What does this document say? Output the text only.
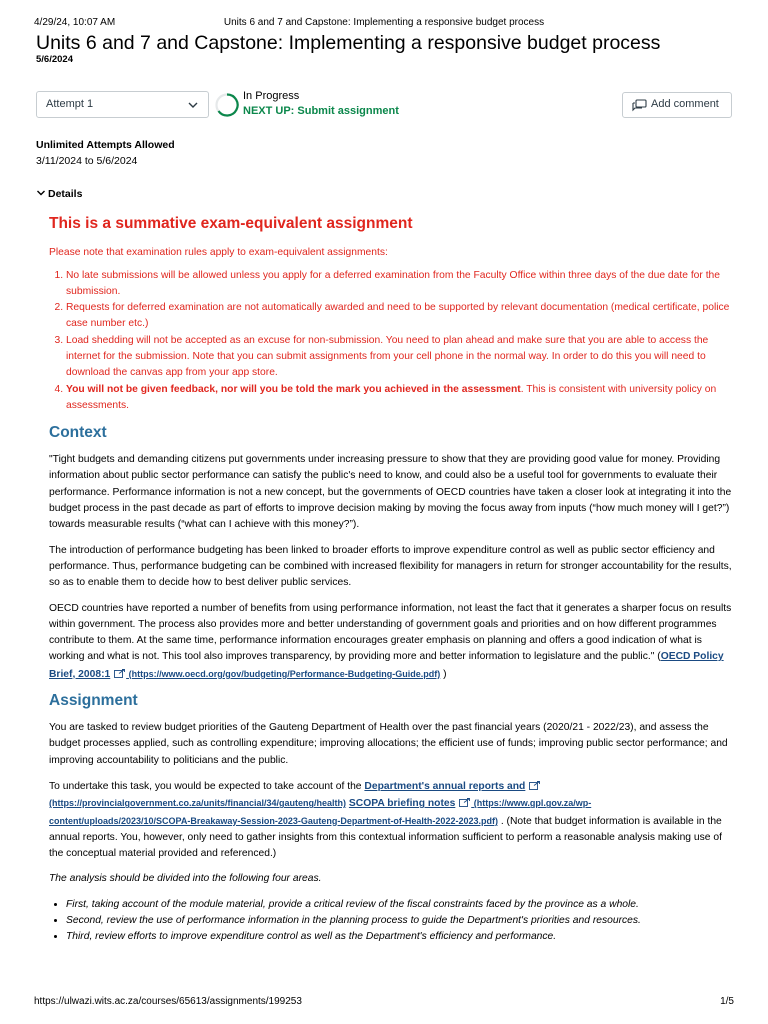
4/29/24, 10:07 AM	Units 6 and 7 and Capstone: Implementing a responsive budget process
Units 6 and 7 and Capstone: Implementing a responsive budget process
5/6/2024
Attempt 1
In Progress
NEXT UP: Submit assignment
Add comment
Unlimited Attempts Allowed
3/11/2024 to 5/6/2024
Details
This is a summative exam-equivalent assignment

Please note that examination rules apply to exam-equivalent assignments:

1. No late submissions will be allowed unless you apply for a deferred examination from the Faculty Office within three days of the due date for the submission.
2. Requests for deferred examination are not automatically awarded and need to be supported by relevant documentation (medical certificate, police case number etc.)
3. Load shedding will not be accepted as an excuse for non-submission. You need to plan ahead and make sure that you are able to access the internet for the submission. Note that you can submit assignments from your cell phone in the normal way. In order to do this you will need to download the canvas app from your app store.
4. You will not be given feedback, nor will you be told the mark you achieved in the assessment. This is consistent with university policy on assessments.
Context

"Tight budgets and demanding citizens put governments under increasing pressure to show that they are providing good value for money. Providing information about public sector performance can satisfy the public's need to know, and could also be a useful tool for governments to evaluate their performance. Performance information is not a new concept, but the governments of OECD countries have taken a closer look at integrating it into the budget process in the past decade as part of efforts to improve decision making by moving the focus away from inputs (“how much money will I get?”) towards measurable results (“what can I achieve with this money?”).

The introduction of performance budgeting has been linked to broader efforts to improve expenditure control as well as public sector efficiency and performance. Thus, performance budgeting can be combined with increased flexibility for managers in return for stronger accountability for the results, so as to enable them to decide how to best deliver public services.

OECD countries have reported a number of benefits from using performance information, not least the fact that it generates a sharper focus on results within government. The process also provides more and better understanding of government goals and priorities and on how different programmes contribute to them. At the same time, performance information encourages greater emphasis on planning and offers a good indication of what is working and what is not. This tool also improves transparency, by providing more and better information to legislature and the public." (OECD Policy Brief, 2008:1  (https://www.oecd.org/gov/budgeting/Performance-Budgeting-Guide.pdf) )

Assignment

You are tasked to review budget priorities of the Gauteng Department of Health over the past financial years (2020/21 - 2022/23), and assess the budget processes applied, such as controlling expenditure; improving allocations; the efficient use of funds; improving public sector performance; and improving accountability to politicians and the public.

To undertake this task, you would be expected to take account of the Department's annual reports and  (https://provincialgovernment.co.za/units/financial/34/gauteng/health) SCOPA briefing notes  (https://www.gpl.gov.za/wp-content/uploads/2023/10/SCOPA-Breakaway-Session-2023-Gauteng-Department-of-Health-2022-2023.pdf) . (Note that budget information is available in the annual reports. You, however, only need to gather insights from this contextual information sufficient to perform a reasonable analysis making use of the conceptual material provided and referenced.)

The analysis should be divided into the following four areas.

• First, taking account of the module material, provide a critical review of the fiscal constraints faced by the province as a whole.
• Second, review the use of performance information in the planning process to guide the Department's priorities and resources.
• Third, review efforts to improve expenditure control as well as the Department's efficiency and performance.
https://ulwazi.wits.ac.za/courses/65613/assignments/199253	1/5
